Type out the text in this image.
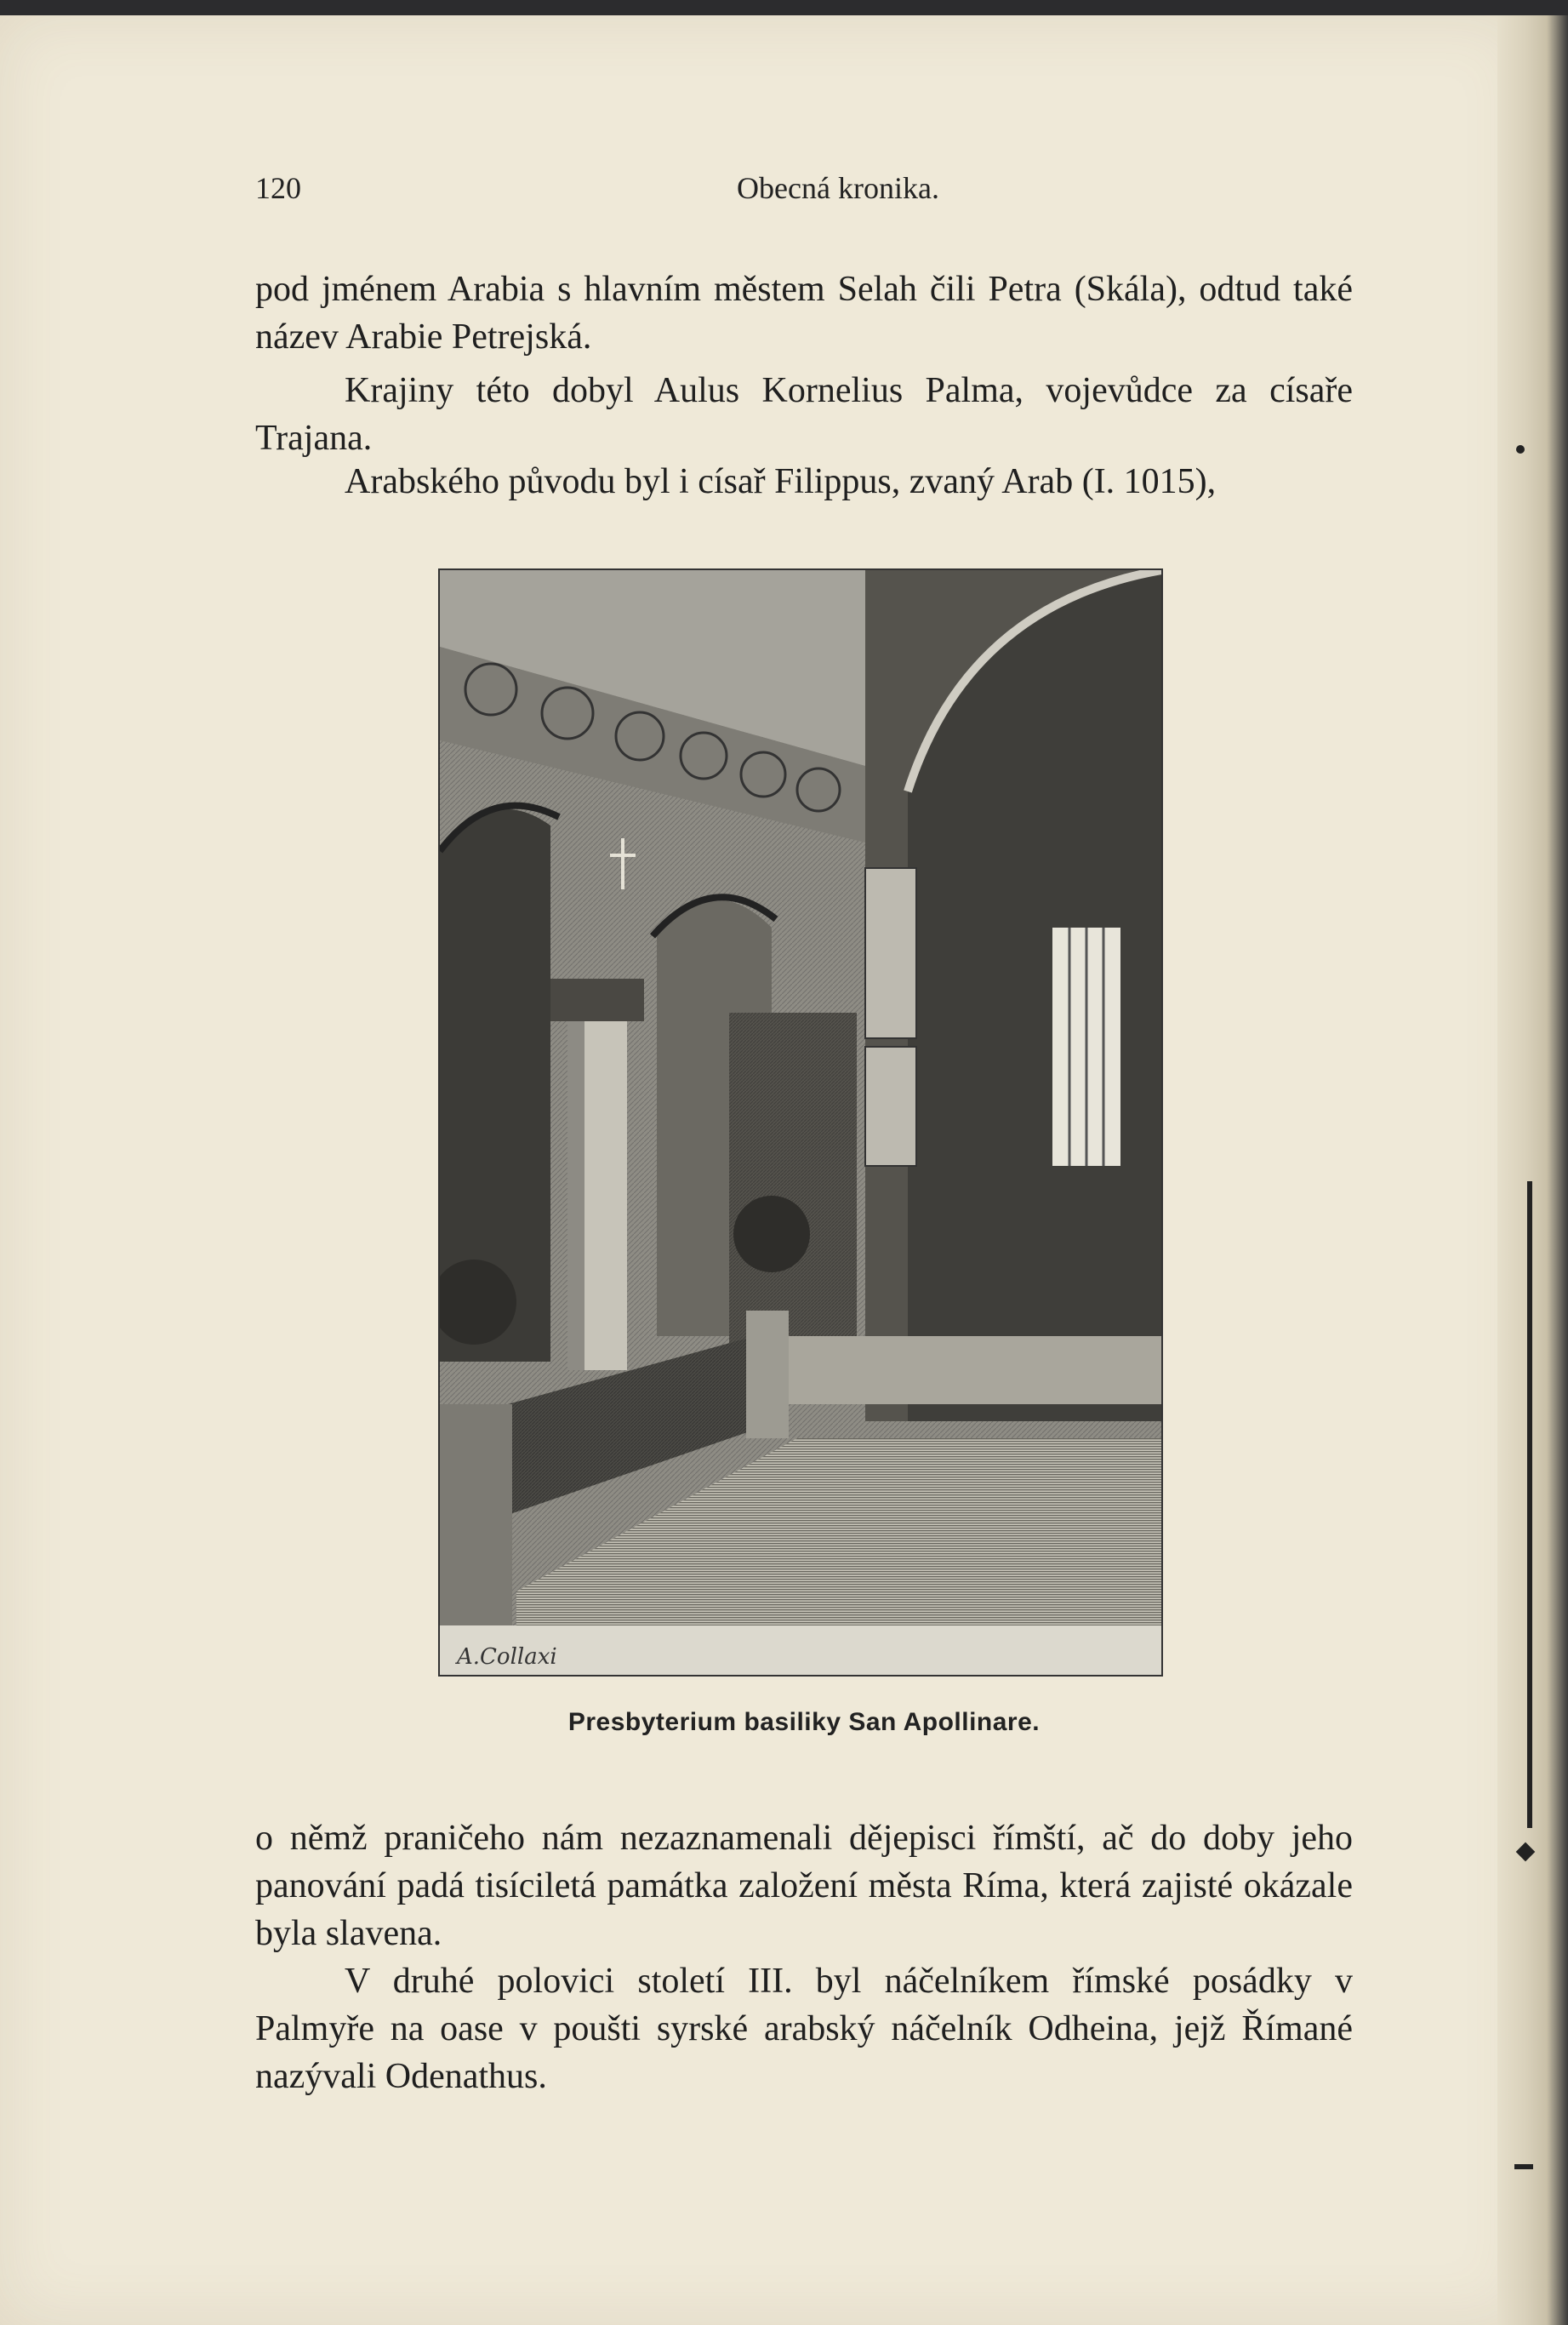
120	Obecná kronika.

pod jménem Arabia s hlavním městem Selah čili Petra (Skála), odtud také název Arabie Petrejská.

Krajiny této dobyl Aulus Kornelius Palma, vojevůdce za císaře Trajana.

Arabského původu byl i císař Filippus, zvaný Arab (I. 1015),

A.Collaxi
Presbyterium basiliky San Apollinare.

o němž praničeho nám nezaznamenali dějepisci římští, ač do doby jeho panování padá tisíciletá památka založení města Ríma, která zajisté okázale byla slavena.

V druhé polovici století III. byl náčelníkem římské posádky v Palmyře na oase v poušti syrské arabský náčelník Odheina, jejž Římané nazývali Odenathus.
